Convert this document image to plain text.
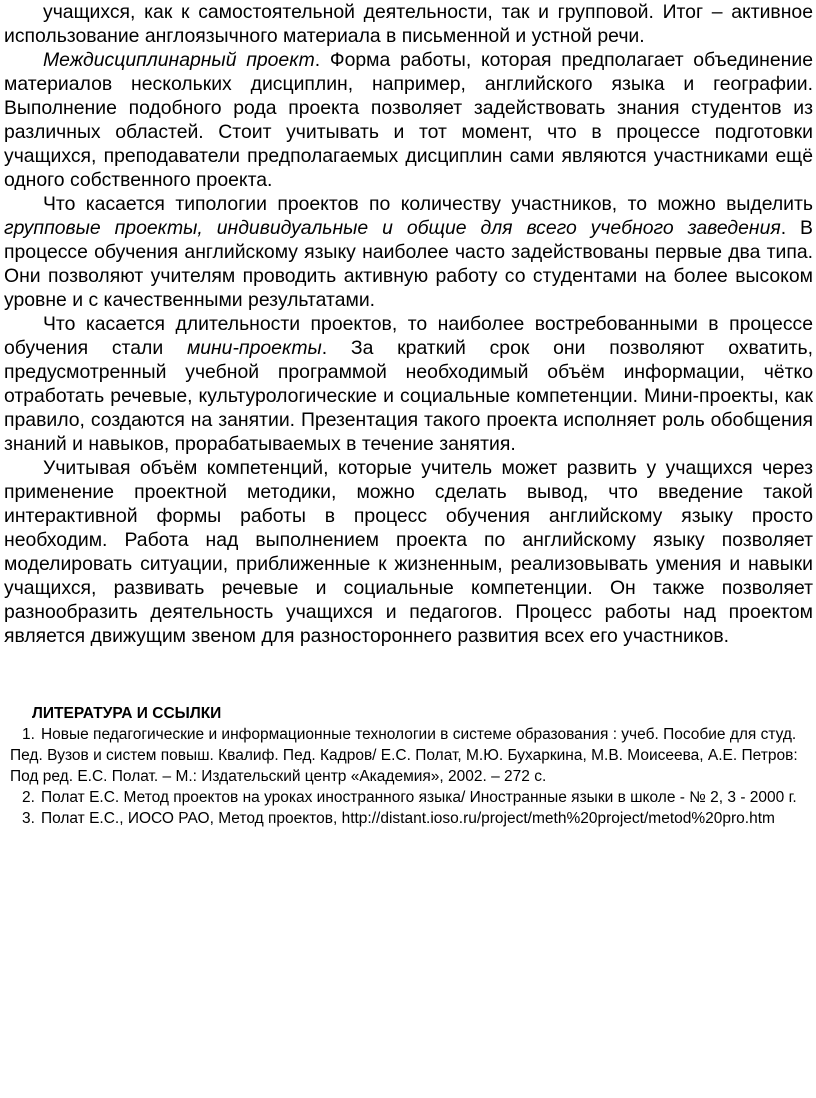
учащихся, как к самостоятельной деятельности, так и групповой. Итог – активное использование англоязычного материала в письменной и устной речи.

Междисциплинарный проект. Форма работы, которая предполагает объединение материалов нескольких дисциплин, например, английского языка и географии. Выполнение подобного рода проекта позволяет задействовать знания студентов из различных областей. Стоит учитывать и тот момент, что в процессе подготовки учащихся, преподаватели предполагаемых дисциплин сами являются участниками ещё одного собственного проекта.

Что касается типологии проектов по количеству участников, то можно выделить групповые проекты, индивидуальные и общие для всего учебного заведения. В процессе обучения английскому языку наиболее часто задействованы первые два типа. Они позволяют учителям проводить активную работу со студентами на более высоком уровне и с качественными результатами.

Что касается длительности проектов, то наиболее востребованными в процессе обучения стали мини-проекты. За краткий срок они позволяют охватить, предусмотренный учебной программой необходимый объём информации, чётко отработать речевые, культурологические и социальные компетенции. Мини-проекты, как правило, создаются на занятии. Презентация такого проекта исполняет роль обобщения знаний и навыков, прорабатываемых в течение занятия.

Учитывая объём компетенций, которые учитель может развить у учащихся через применение проектной методики, можно сделать вывод, что введение такой интерактивной формы работы в процесс обучения английскому языку просто необходим. Работа над выполнением проекта по английскому языку позволяет моделировать ситуации, приближенные к жизненным, реализовывать умения и навыки учащихся, развивать речевые и социальные компетенции. Он также позволяет разнообразить деятельность учащихся и педагогов. Процесс работы над проектом является движущим звеном для разностороннего развития всех его участников.

ЛИТЕРАТУРА И ССЫЛКИ
1. Новые педагогические и информационные технологии в системе образования : учеб. Пособие для студ. Пед. Вузов и систем повыш. Квалиф. Пед. Кадров/ Е.С. Полат, М.Ю. Бухаркина, М.В. Моисеева, А.Е. Петров: Под ред. Е.С. Полат. – М.: Издательский центр «Академия», 2002. – 272 с.
2. Полат Е.С. Метод проектов на уроках иностранного языка/ Иностранные языки в школе - № 2, 3 - 2000 г.
3. Полат Е.С., ИОСО РАО, Метод проектов, http://distant.ioso.ru/project/meth%20project/metod%20pro.htm
